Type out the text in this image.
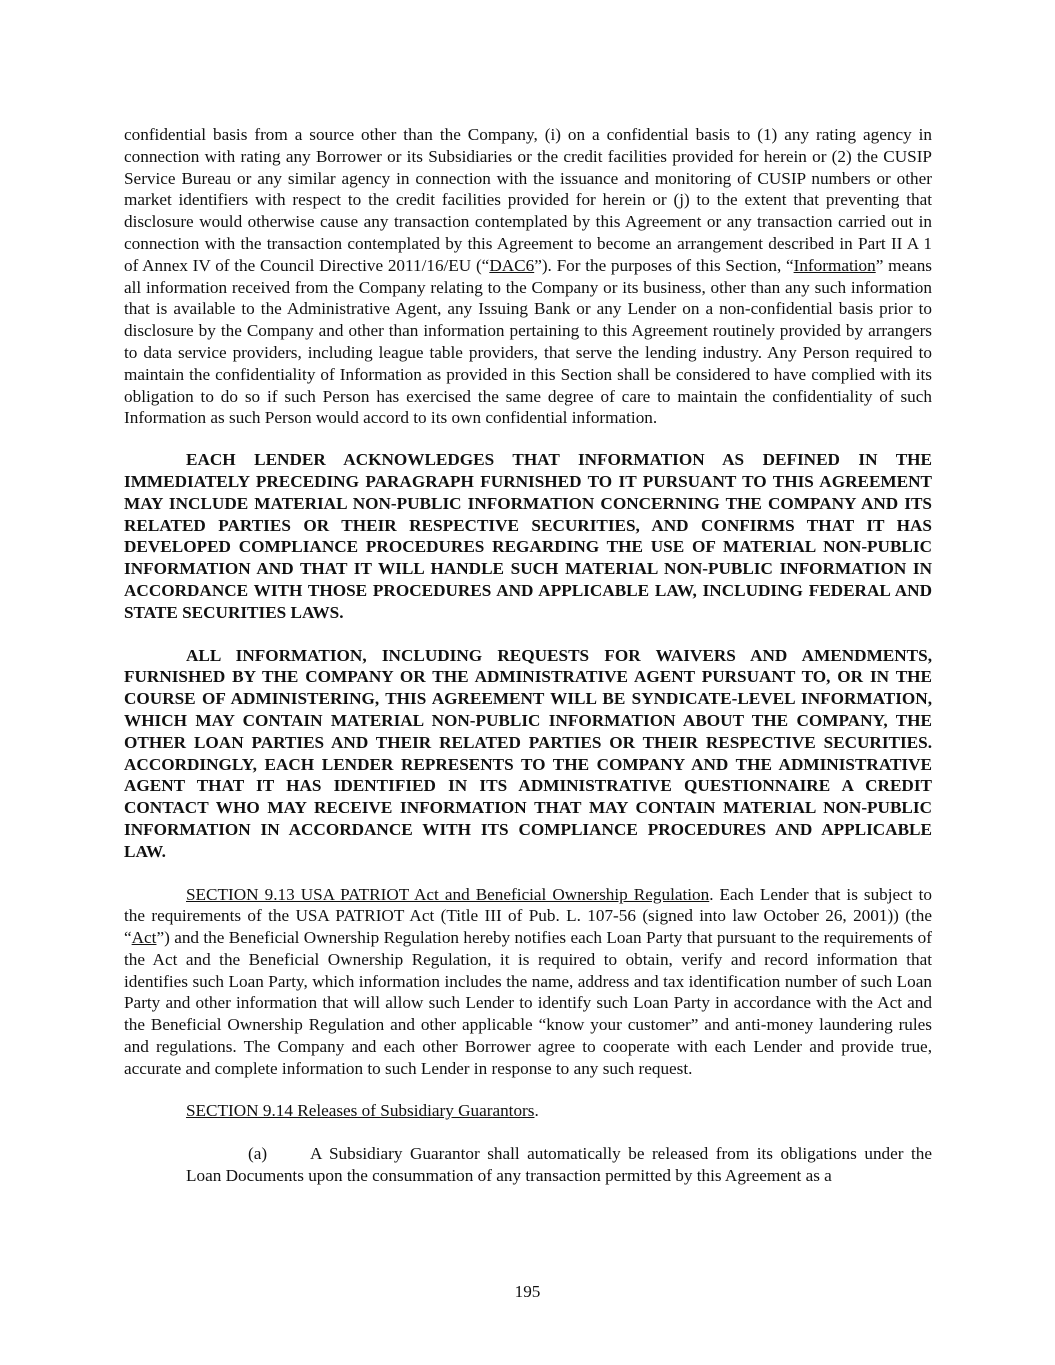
confidential basis from a source other than the Company, (i) on a confidential basis to (1) any rating agency in connection with rating any Borrower or its Subsidiaries or the credit facilities provided for herein or (2) the CUSIP Service Bureau or any similar agency in connection with the issuance and monitoring of CUSIP numbers or other market identifiers with respect to the credit facilities provided for herein or (j) to the extent that preventing that disclosure would otherwise cause any transaction contemplated by this Agreement or any transaction carried out in connection with the transaction contemplated by this Agreement to become an arrangement described in Part II A 1 of Annex IV of the Council Directive 2011/16/EU (“DAC6”). For the purposes of this Section, “Information” means all information received from the Company relating to the Company or its business, other than any such information that is available to the Administrative Agent, any Issuing Bank or any Lender on a non-confidential basis prior to disclosure by the Company and other than information pertaining to this Agreement routinely provided by arrangers to data service providers, including league table providers, that serve the lending industry. Any Person required to maintain the confidentiality of Information as provided in this Section shall be considered to have complied with its obligation to do so if such Person has exercised the same degree of care to maintain the confidentiality of such Information as such Person would accord to its own confidential information.

EACH LENDER ACKNOWLEDGES THAT INFORMATION AS DEFINED IN THE IMMEDIATELY PRECEDING PARAGRAPH FURNISHED TO IT PURSUANT TO THIS AGREEMENT MAY INCLUDE MATERIAL NON-PUBLIC INFORMATION CONCERNING THE COMPANY AND ITS RELATED PARTIES OR THEIR RESPECTIVE SECURITIES, AND CONFIRMS THAT IT HAS DEVELOPED COMPLIANCE PROCEDURES REGARDING THE USE OF MATERIAL NON-PUBLIC INFORMATION AND THAT IT WILL HANDLE SUCH MATERIAL NON-PUBLIC INFORMATION IN ACCORDANCE WITH THOSE PROCEDURES AND APPLICABLE LAW, INCLUDING FEDERAL AND STATE SECURITIES LAWS.

ALL INFORMATION, INCLUDING REQUESTS FOR WAIVERS AND AMENDMENTS, FURNISHED BY THE COMPANY OR THE ADMINISTRATIVE AGENT PURSUANT TO, OR IN THE COURSE OF ADMINISTERING, THIS AGREEMENT WILL BE SYNDICATE-LEVEL INFORMATION, WHICH MAY CONTAIN MATERIAL NON-PUBLIC INFORMATION ABOUT THE COMPANY, THE OTHER LOAN PARTIES AND THEIR RELATED PARTIES OR THEIR RESPECTIVE SECURITIES. ACCORDINGLY, EACH LENDER REPRESENTS TO THE COMPANY AND THE ADMINISTRATIVE AGENT THAT IT HAS IDENTIFIED IN ITS ADMINISTRATIVE QUESTIONNAIRE A CREDIT CONTACT WHO MAY RECEIVE INFORMATION THAT MAY CONTAIN MATERIAL NON-PUBLIC INFORMATION IN ACCORDANCE WITH ITS COMPLIANCE PROCEDURES AND APPLICABLE LAW.

SECTION 9.13 USA PATRIOT Act and Beneficial Ownership Regulation. Each Lender that is subject to the requirements of the USA PATRIOT Act (Title III of Pub. L. 107-56 (signed into law October 26, 2001)) (the “Act”) and the Beneficial Ownership Regulation hereby notifies each Loan Party that pursuant to the requirements of the Act and the Beneficial Ownership Regulation, it is required to obtain, verify and record information that identifies such Loan Party, which information includes the name, address and tax identification number of such Loan Party and other information that will allow such Lender to identify such Loan Party in accordance with the Act and the Beneficial Ownership Regulation and other applicable “know your customer” and anti-money laundering rules and regulations. The Company and each other Borrower agree to cooperate with each Lender and provide true, accurate and complete information to such Lender in response to any such request.

SECTION 9.14 Releases of Subsidiary Guarantors.

(a) A Subsidiary Guarantor shall automatically be released from its obligations under the Loan Documents upon the consummation of any transaction permitted by this Agreement as a

195
